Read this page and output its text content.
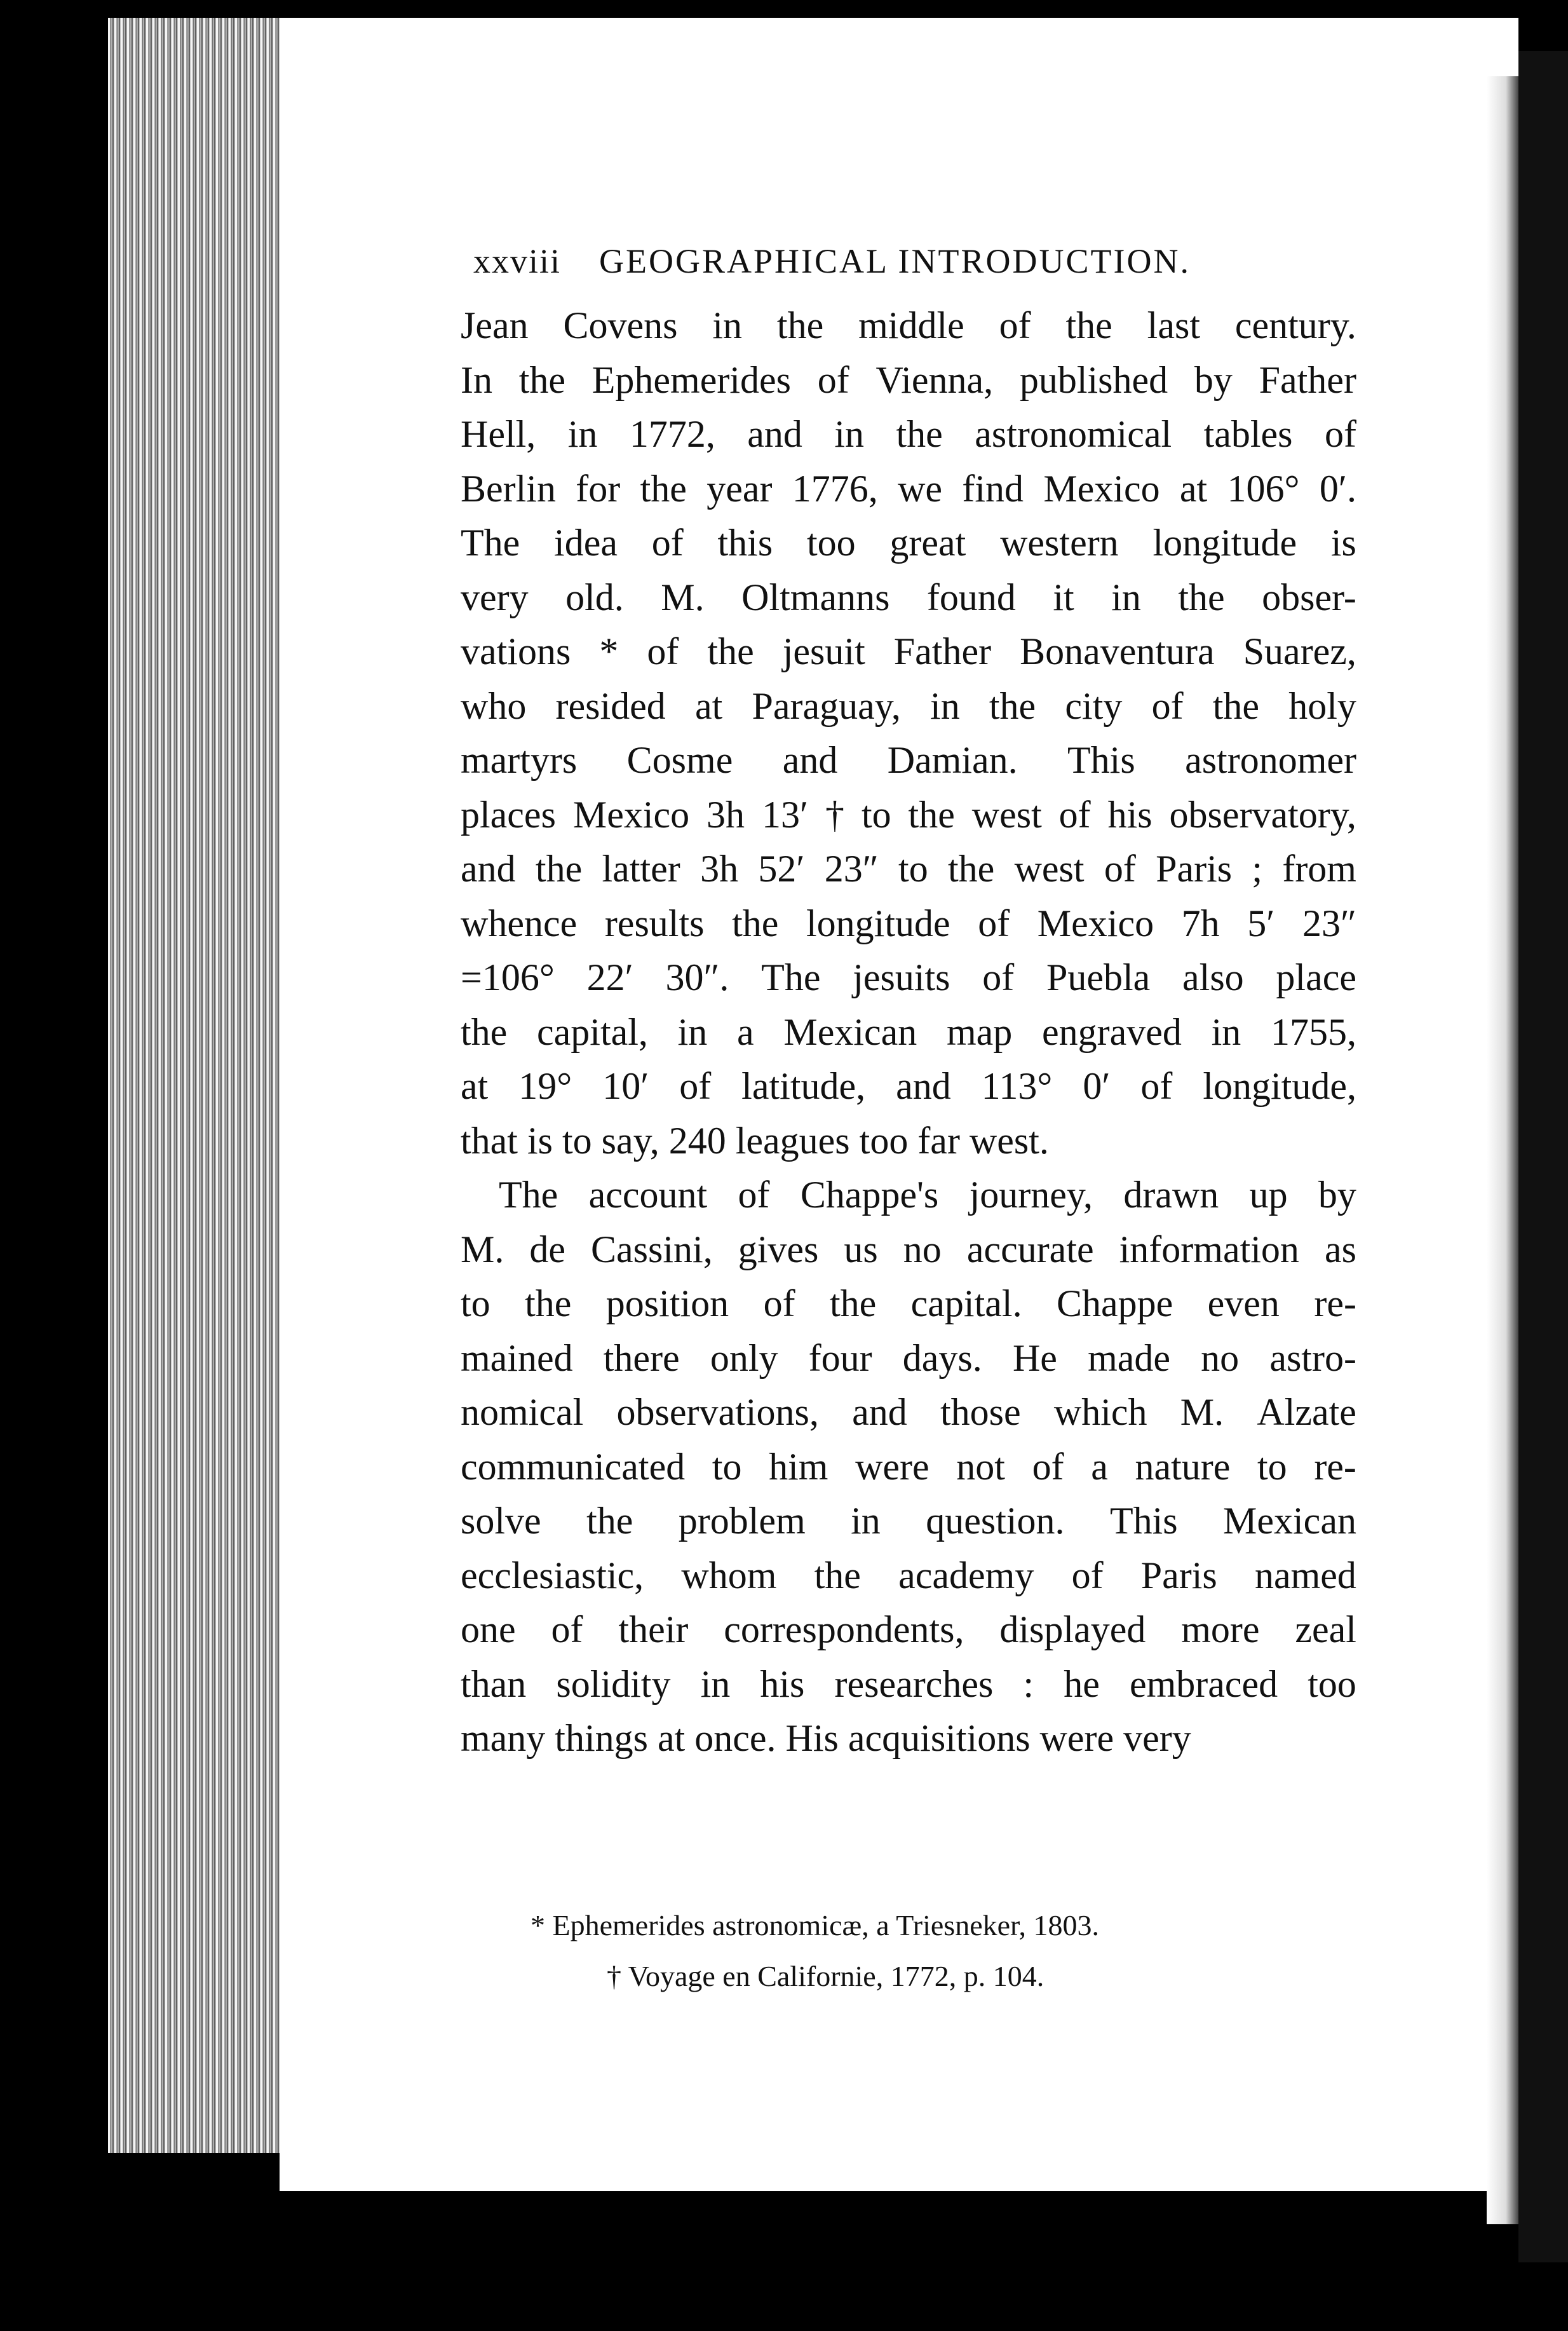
xxviii GEOGRAPHICAL INTRODUCTION.
Jean Covens in the middle of the last century.
In the Ephemerides of Vienna, published by Father
Hell, in 1772, and in the astronomical tables of
Berlin for the year 1776, we find Mexico at 106° 0′.
The idea of this too great western longitude is
very old. M. Oltmanns found it in the obser-
vations * of the jesuit Father Bonaventura Suarez,
who resided at Paraguay, in the city of the holy
martyrs Cosme and Damian. This astronomer
places Mexico 3h 13′ † to the west of his observatory,
and the latter 3h 52′ 23″ to the west of Paris ; from
whence results the longitude of Mexico 7h 5′ 23″
=106° 22′ 30″. The jesuits of Puebla also place
the capital, in a Mexican map engraved in 1755,
at 19° 10′ of latitude, and 113° 0′ of longitude,
that is to say, 240 leagues too far west.
The account of Chappe's journey, drawn up by
M. de Cassini, gives us no accurate information as
to the position of the capital. Chappe even re-
mained there only four days. He made no astro-
nomical observations, and those which M. Alzate
communicated to him were not of a nature to re-
solve the problem in question. This Mexican
ecclesiastic, whom the academy of Paris named
one of their correspondents, displayed more zeal
than solidity in his researches : he embraced too
many things at once. His acquisitions were very
* Ephemerides astronomicæ, a Triesneker, 1803.
† Voyage en Californie, 1772, p. 104.
